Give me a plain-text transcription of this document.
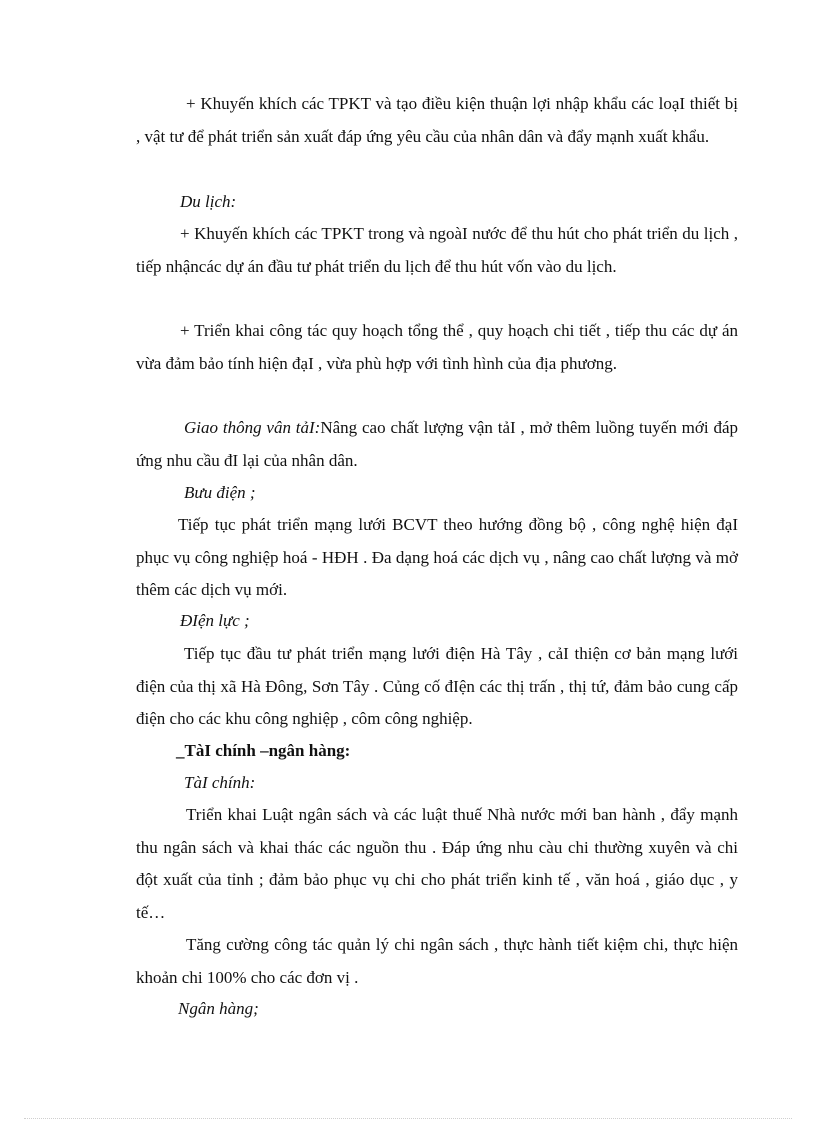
+ Khuyến khích các TPKT và tạo điều kiện thuận lợi nhập khẩu các loạI thiết bị , vật tư để phát triển sản xuất đáp ứng yêu cầu của nhân dân và đẩy mạnh xuất khẩu.

Du lịch:

+ Khuyến khích các TPKT trong và ngoàI nước để thu hút cho phát triển du lịch , tiếp nhậncác dự án đầu tư phát triển du lịch để thu hút vốn vào du lịch.

+ Triển khai công tác quy hoạch tổng thể , quy hoạch chi tiết , tiếp thu các dự án vừa đảm bảo tính hiện đạI , vừa phù hợp với tình hình của địa phương.

Giao thông vân tảI:Nâng cao chất lượng vận tảI , mở thêm luồng tuyến mới đáp ứng nhu cầu đI lại của nhân dân.

Bưu điện ;

Tiếp tục phát triển mạng lưới BCVT theo hướng đồng bộ , công nghệ hiện đạI phục vụ công nghiệp hoá - HĐH . Đa dạng hoá các dịch vụ , nâng cao chất lượng và mở thêm các dịch vụ mới.

ĐIện lực ;

Tiếp tục đầu tư phát triển mạng lưới điện Hà Tây , cảI thiện cơ bản mạng lưới điện của thị xã Hà Đông, Sơn Tây . Củng cố đIện các thị trấn , thị tứ, đảm bảo cung cấp điện cho các khu công nghiệp , côm công nghiệp.

_TàI chính –ngân hàng:

TàI chính:

Triển khai Luật ngân sách và các luật thuế Nhà nước mới ban hành , đẩy mạnh thu ngân sách và khai thác các nguồn thu . Đáp ứng nhu càu chi thường xuyên và chi đột xuất của tỉnh ; đảm bảo phục vụ chi cho phát triển kinh tế , văn hoá , giáo dục , y tế…

Tăng cường công tác quản lý chi ngân sách , thực hành tiết kiệm chi, thực hiện khoản chi 100% cho các đơn vị .

Ngân hàng;
